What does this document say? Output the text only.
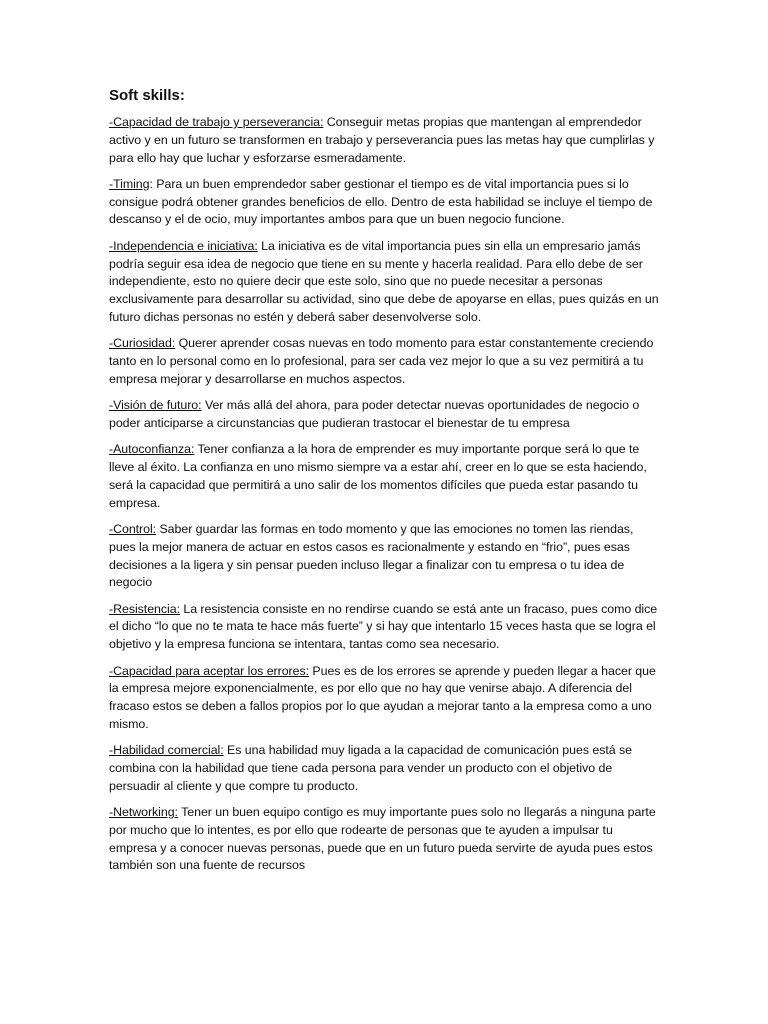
Soft skills:

-Capacidad de trabajo y perseverancia: Conseguir metas propias que mantengan al emprendedor activo y en un futuro se transformen en trabajo y perseverancia pues las metas hay que cumplirlas y para ello hay que luchar y esforzarse esmeradamente.

-Timing: Para un buen emprendedor saber gestionar el tiempo es de vital importancia pues si lo consigue podrá obtener grandes beneficios de ello. Dentro de esta habilidad se incluye el tiempo de descanso y el de ocio, muy importantes ambos para que un buen negocio funcione.

-Independencia e iniciativa: La iniciativa es de vital importancia pues sin ella un empresario jamás podría seguir esa idea de negocio que tiene en su mente y hacerla realidad. Para ello debe de ser independiente, esto no quiere decir que este solo, sino que no puede necesitar a personas exclusivamente para desarrollar su actividad, sino que debe de apoyarse en ellas, pues quizás en un futuro dichas personas no estén y deberá saber desenvolverse solo.

-Curiosidad: Querer aprender cosas nuevas en todo momento para estar constantemente creciendo tanto en lo personal como en lo profesional, para ser cada vez mejor lo que a su vez permitirá a tu empresa mejorar y desarrollarse en muchos aspectos.

-Visión de futuro: Ver más allá del ahora, para poder detectar nuevas oportunidades de negocio o poder anticiparse a circunstancias que pudieran trastocar el bienestar de tu empresa

-Autoconfianza: Tener confianza a la hora de emprender es muy importante porque será lo que te lleve al éxito. La confianza en uno mismo siempre va a estar ahí, creer en lo que se esta haciendo, será la capacidad que permitirá a uno salir de los momentos difíciles que pueda estar pasando tu empresa.

-Control: Saber guardar las formas en todo momento y que las emociones no tomen las riendas, pues la mejor manera de actuar en estos casos es racionalmente y estando en “frio”, pues esas decisiones a la ligera y sin pensar pueden incluso llegar a finalizar con tu empresa o tu idea de negocio

-Resistencia: La resistencia consiste en no rendirse cuando se está ante un fracaso, pues como dice el dicho “lo que no te mata te hace más fuerte” y si hay que intentarlo 15 veces hasta que se logra el objetivo y la empresa funciona se intentara, tantas como sea necesario.

-Capacidad para aceptar los errores: Pues es de los errores se aprende y pueden llegar a hacer que la empresa mejore exponencialmente, es por ello que no hay que venirse abajo. A diferencia del fracaso estos se deben a fallos propios por lo que ayudan a mejorar tanto a la empresa como a uno mismo.

-Habilidad comercial: Es una habilidad muy ligada a la capacidad de comunicación pues está se combina con la habilidad que tiene cada persona para vender un producto con el objetivo de persuadir al cliente y que compre tu producto.

-Networking: Tener un buen equipo contigo es muy importante pues solo no llegarás a ninguna parte por mucho que lo intentes, es por ello que rodearte de personas que te ayuden a impulsar tu empresa y a conocer nuevas personas, puede que en un futuro pueda servirte de ayuda pues estos también son una fuente de recursos
